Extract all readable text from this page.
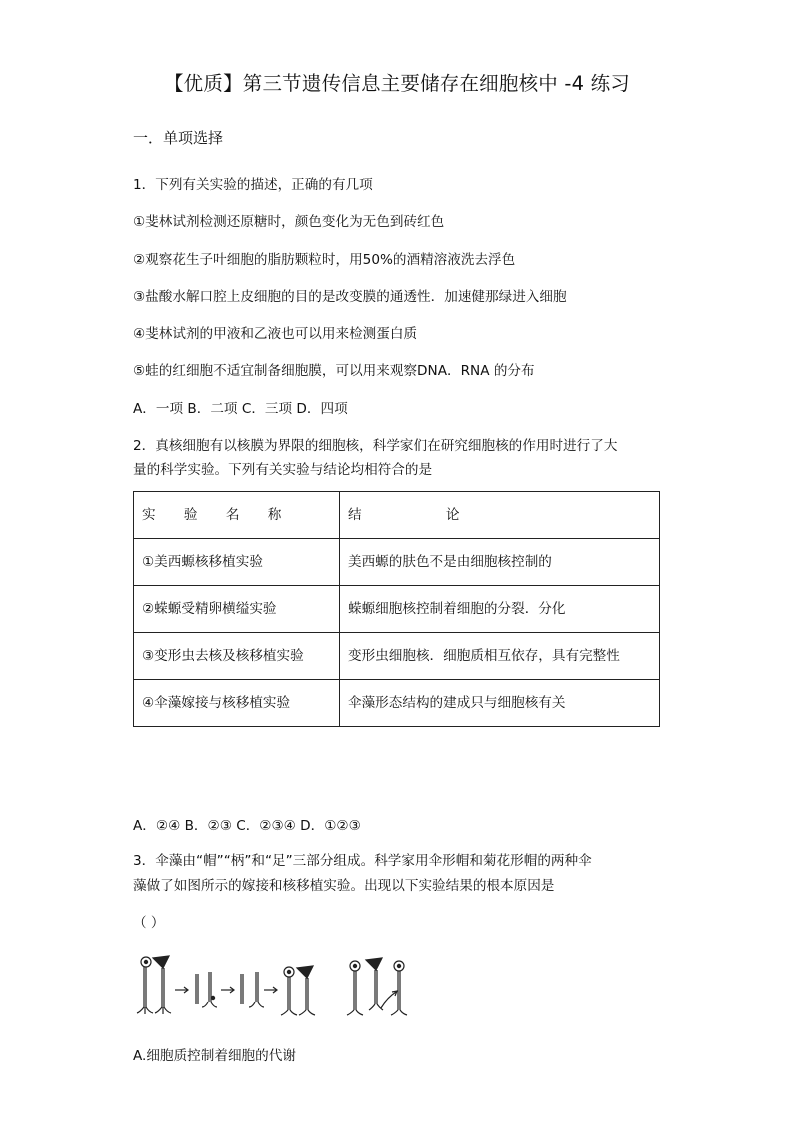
【优质】第三节遗传信息主要储存在细胞核中 -4 练习
一．单项选择
1．下列有关实验的描述，正确的有几项
①斐林试剂检测还原糖时，颜色变化为无色到砖红色
②观察花生子叶细胞的脂肪颗粒时，用50%的酒精溶液洗去浮色
③盐酸水解口腔上皮细胞的目的是改变膜的通透性．加速健那绿进入细胞
④斐林试剂的甲液和乙液也可以用来检测蛋白质
⑤蛙的红细胞不适宜制备细胞膜，可以用来观察DNA．RNA 的分布
A．一项 B．二项 C．三项 D．四项
2．真核细胞有以核膜为界限的细胞核，科学家们在研究细胞核的作用时进行了大
量的科学实验。下列有关实验与结论均相符合的是
实 验 名 称	结 论
①美西螈核移植实验	美西螈的肤色不是由细胞核控制的
②蝾螈受精卵横缢实验	蝾螈细胞核控制着细胞的分裂．分化
③变形虫去核及核移植实验	变形虫细胞核．细胞质相互依存，具有完整性
④伞藻嫁接与核移植实验	伞藻形态结构的建成只与细胞核有关
A．②④ B．②③ C．②③④ D．①②③
3．伞藻由“帽”“柄”和“足”三部分组成。科学家用伞形帽和菊花形帽的两种伞
藻做了如图所示的嫁接和核移植实验。出现以下实验结果的根本原因是
（ ）
A.细胞质控制着细胞的代谢
